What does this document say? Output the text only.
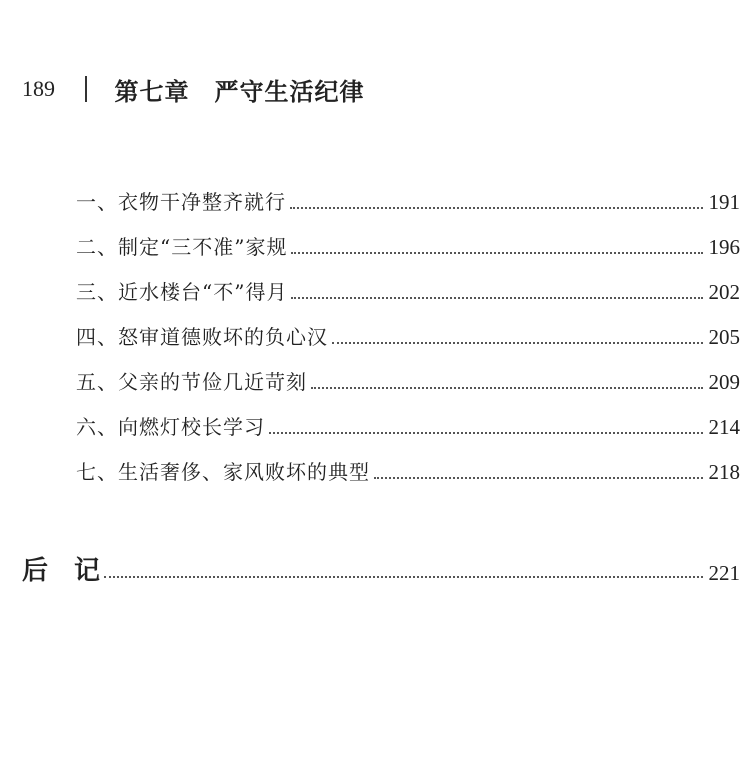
189	第七章　严守生活纪律
一、衣物干净整齐就行	191
二、制定“三不准”家规	196
三、近水楼台“不”得月	202
四、怒审道德败坏的负心汉	205
五、父亲的节俭几近苛刻	209
六、向燃灯校长学习	214
七、生活奢侈、家风败坏的典型	218
后　记	221
